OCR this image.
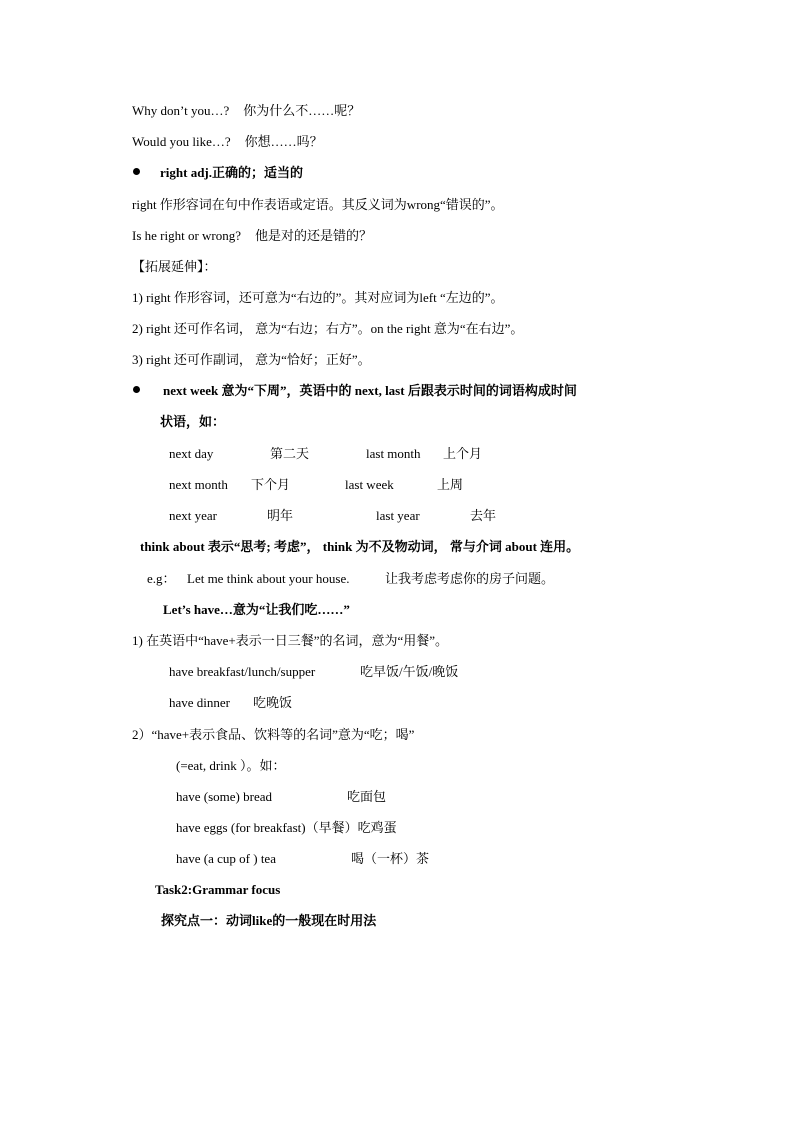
Why don’t you…? 你为什么不……呢？
Would you like…? 你想……吗？
right adj.正确的；适当的
right 作形容词在句中作表语或定语。其反义词为wrong“错误的”。
Is he right or wrong? 他是对的还是错的？
【拓展延伸】：
1) right 作形容词，还可意为“右边的”。其对应词为left “左边的”。
2) right 还可作名词， 意为“右边；右方”。on the right 意为“在右边”。
3) right 还可作副词， 意为“恰好；正好”。
next week 意为“下周”，英语中的 next, last 后跟表示时间的词语构成时间
状语，如：
next day	第二天	last month 上个月
next month 下个月	last week	上周
next year	明年	last year	去年
think about 表示“思考; 考虑”， think 为不及物动词， 常与介词 about 连用。
e.g： Let me think about your house.	让我考虑考虑你的房子问题。
Let’s have…意为“让我们吃……”
1) 在英语中“have+表示一日三餐”的名词，意为“用餐”。
have breakfast/lunch/supper	吃早饭/午饭/晚饭
have dinner 吃晚饭
2）“have+表示食品、饮料等的名词”意为“吃；喝”
(=eat, drink ）。如：
have (some) bread	吃面包
have eggs (for breakfast)（早餐）吃鸡蛋
have (a cup of ) tea	喝（一杯）茶
Task2:Grammar focus
探究点一：动词like的一般现在时用法
